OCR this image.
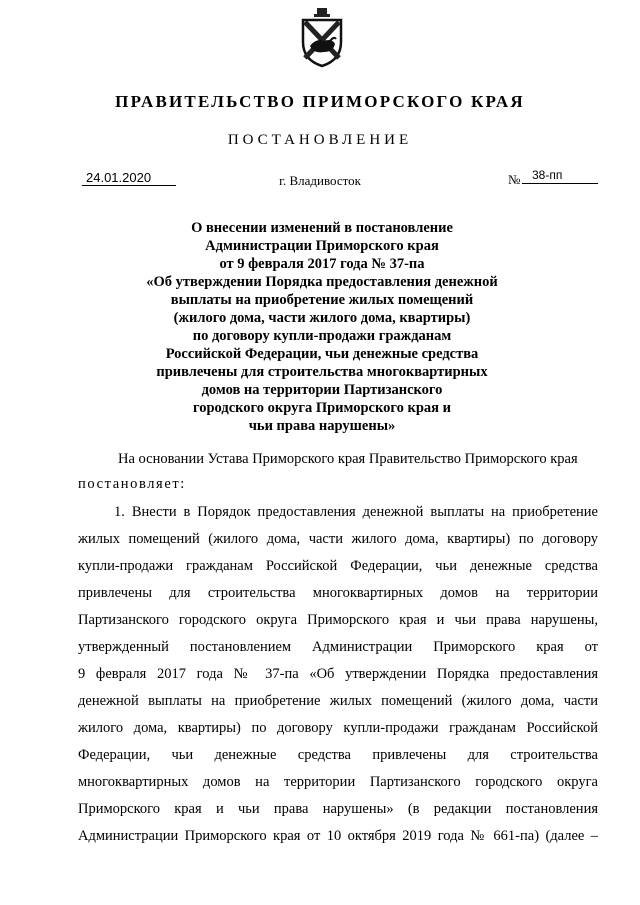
ПРАВИТЕЛЬСТВО ПРИМОРСКОГО КРАЯ
ПОСТАНОВЛЕНИЕ
24.01.2020	г. Владивосток	№ 38-пп
О внесении изменений в постановление
Администрации Приморского края
от 9 февраля 2017 года № 37-па
«Об утверждении Порядка предоставления денежной
выплаты на приобретение жилых помещений
(жилого дома, части жилого дома, квартиры)
по договору купли-продажи гражданам
Российской Федерации, чьи денежные средства
привлечены для строительства многоквартирных
домов на территории Партизанского
городского округа Приморского края и
чьи права нарушены»
На основании Устава Приморского края Правительство Приморского края
постановляет:
1. Внести в Порядок предоставления денежной выплаты на приобретение
жилых помещений (жилого дома, части жилого дома, квартиры) по договору
купли-продажи гражданам Российской Федерации, чьи денежные средства
привлечены для строительства многоквартирных домов на территории
Партизанского городского округа Приморского края и чьи права нарушены,
утвержденный постановлением Администрации Приморского края от
9 февраля 2017 года № 37-па «Об утверждении Порядка предоставления
денежной выплаты на приобретение жилых помещений (жилого дома, части
жилого дома, квартиры) по договору купли-продажи гражданам Российской
Федерации, чьи денежные средства привлечены для строительства
многоквартирных домов на территории Партизанского городского округа
Приморского края и чьи права нарушены» (в редакции постановления
Администрации Приморского края от 10 октября 2019 года № 661-па) (далее –
